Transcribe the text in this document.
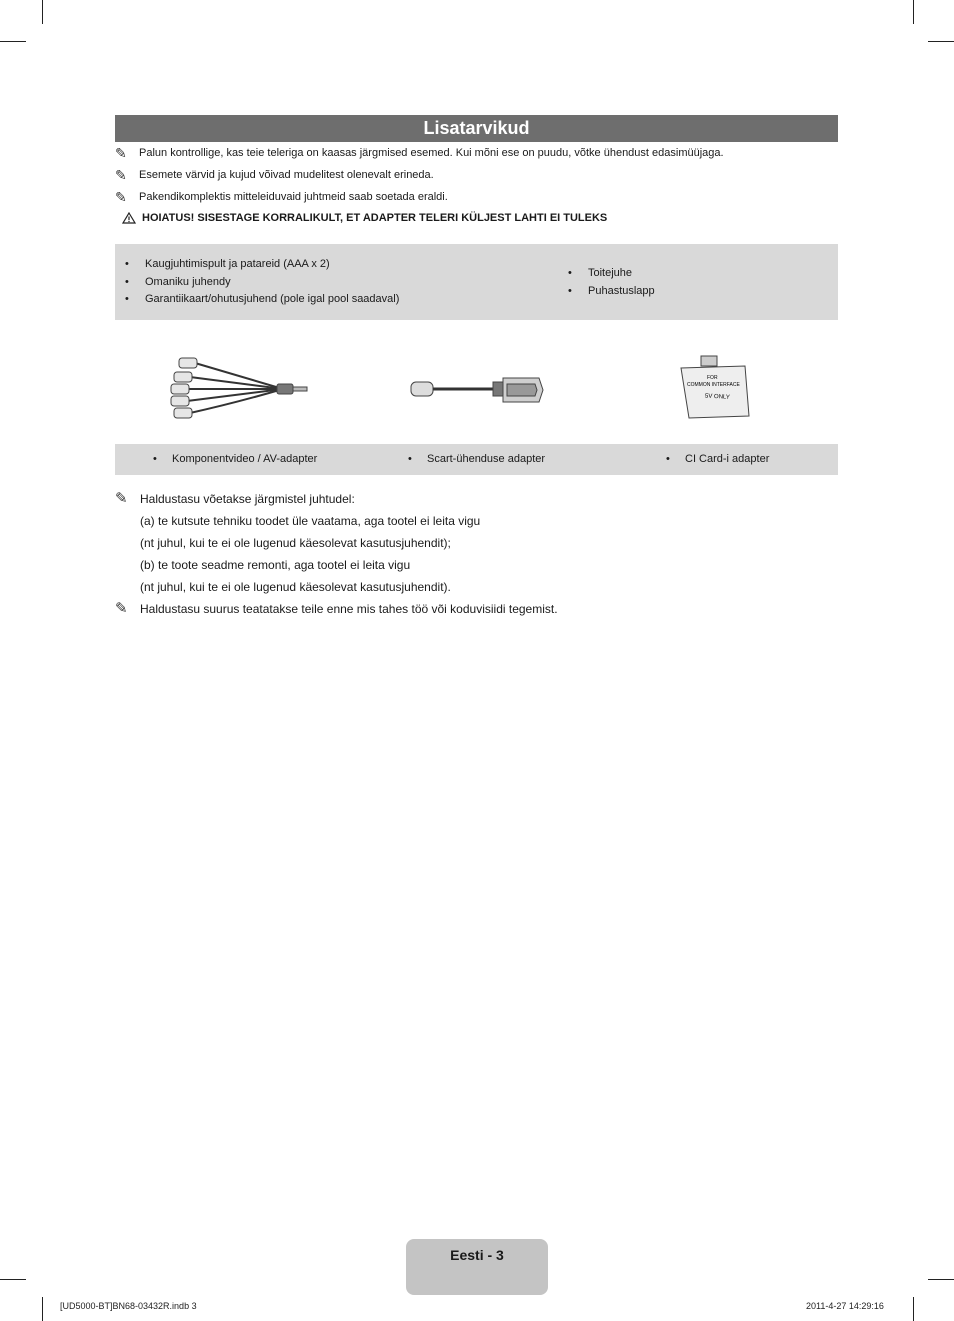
Lisatarvikud
✎	Palun kontrollige, kas teie teleriga on kaasas järgmised esemed. Kui mõni ese on puudu, võtke ühendust edasimüüjaga.
✎	Esemete värvid ja kujud võivad mudelitest olenevalt erineda.
✎	Pakendikomplektis mitteleiduvaid juhtmeid saab soetada eraldi.
HOIATUS! SISESTAGE KORRALIKULT, ET ADAPTER TELERI KÜLJEST LAHTI EI TULEKS
• Kaugjuhtimispult ja patareid (AAA x 2)
• Omaniku juhendy
• Garantiikaart/ohutusjuhend (pole igal pool saadaval)
• Toitejuhe
• Puhastuslapp
FOR
COMMON INTERFACE
5V ONLY
• Komponentvideo / AV-adapter	• Scart-ühenduse adapter	• CI Card-i adapter
✎	Haldustasu võetakse järgmistel juhtudel:
(a) te kutsute tehniku toodet üle vaatama, aga tootel ei leita vigu
(nt juhul, kui te ei ole lugenud käesolevat kasutusjuhendit);
(b) te toote seadme remonti, aga tootel ei leita vigu
(nt juhul, kui te ei ole lugenud käesolevat kasutusjuhendit).
✎	Haldustasu suurus teatatakse teile enne mis tahes töö või koduvisiidi tegemist.
Eesti - 3
[UD5000-BT]BN68-03432R.indb 3	2011-4-27 14:29:16
